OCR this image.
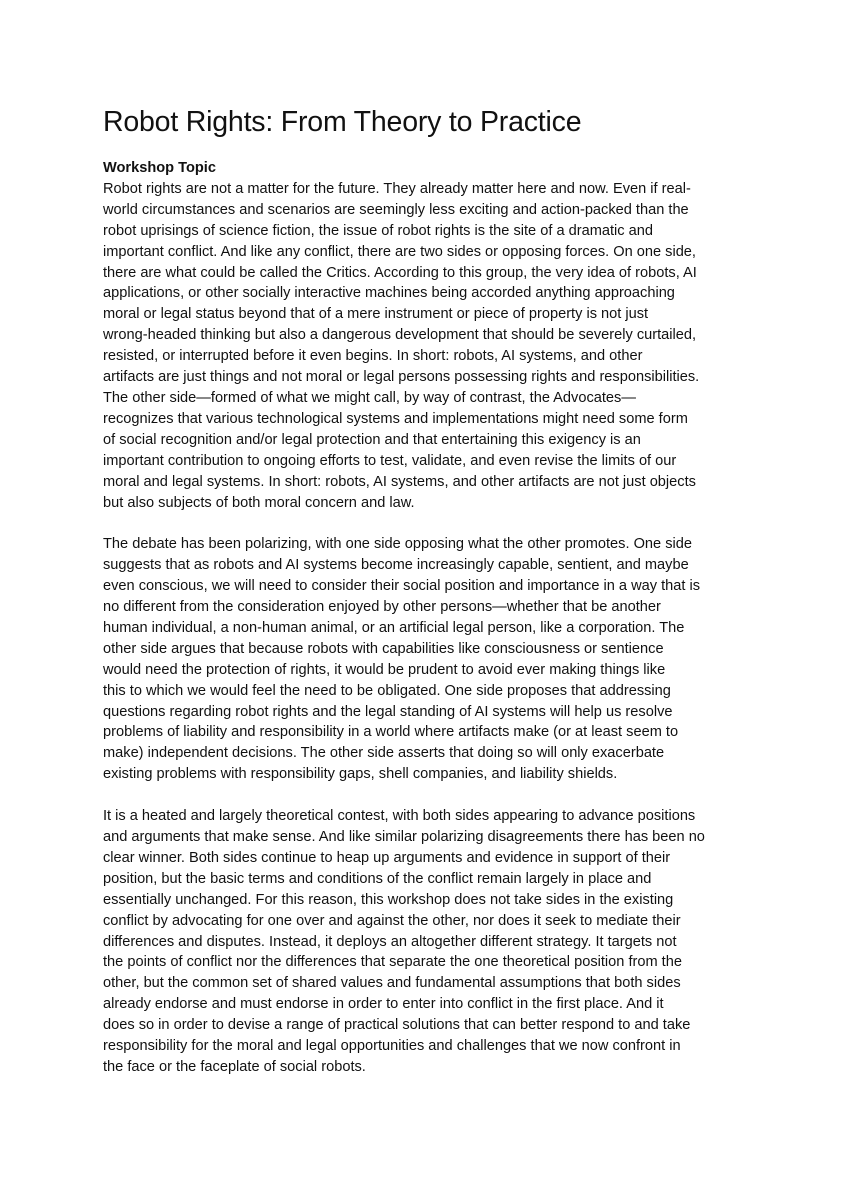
Robot Rights: From Theory to Practice
Workshop Topic

Robot rights are not a matter for the future. They already matter here and now. Even if real-
world circumstances and scenarios are seemingly less exciting and action-packed than the
robot uprisings of science fiction, the issue of robot rights is the site of a dramatic and
important conflict. And like any conflict, there are two sides or opposing forces. On one side,
there are what could be called the Critics. According to this group, the very idea of robots, AI
applications, or other socially interactive machines being accorded anything approaching
moral or legal status beyond that of a mere instrument or piece of property is not just
wrong-headed thinking but also a dangerous development that should be severely curtailed,
resisted, or interrupted before it even begins. In short: robots, AI systems, and other
artifacts are just things and not moral or legal persons possessing rights and responsibilities.
The other side—formed of what we might call, by way of contrast, the Advocates—
recognizes that various technological systems and implementations might need some form
of social recognition and/or legal protection and that entertaining this exigency is an
important contribution to ongoing efforts to test, validate, and even revise the limits of our
moral and legal systems. In short: robots, AI systems, and other artifacts are not just objects
but also subjects of both moral concern and law.

The debate has been polarizing, with one side opposing what the other promotes. One side
suggests that as robots and AI systems become increasingly capable, sentient, and maybe
even conscious, we will need to consider their social position and importance in a way that is
no different from the consideration enjoyed by other persons—whether that be another
human individual, a non-human animal, or an artificial legal person, like a corporation. The
other side argues that because robots with capabilities like consciousness or sentience
would need the protection of rights, it would be prudent to avoid ever making things like
this to which we would feel the need to be obligated. One side proposes that addressing
questions regarding robot rights and the legal standing of AI systems will help us resolve
problems of liability and responsibility in a world where artifacts make (or at least seem to
make) independent decisions. The other side asserts that doing so will only exacerbate
existing problems with responsibility gaps, shell companies, and liability shields.

It is a heated and largely theoretical contest, with both sides appearing to advance positions
and arguments that make sense. And like similar polarizing disagreements there has been no
clear winner. Both sides continue to heap up arguments and evidence in support of their
position, but the basic terms and conditions of the conflict remain largely in place and
essentially unchanged. For this reason, this workshop does not take sides in the existing
conflict by advocating for one over and against the other, nor does it seek to mediate their
differences and disputes. Instead, it deploys an altogether different strategy. It targets not
the points of conflict nor the differences that separate the one theoretical position from the
other, but the common set of shared values and fundamental assumptions that both sides
already endorse and must endorse in order to enter into conflict in the first place. And it
does so in order to devise a range of practical solutions that can better respond to and take
responsibility for the moral and legal opportunities and challenges that we now confront in
the face or the faceplate of social robots.
